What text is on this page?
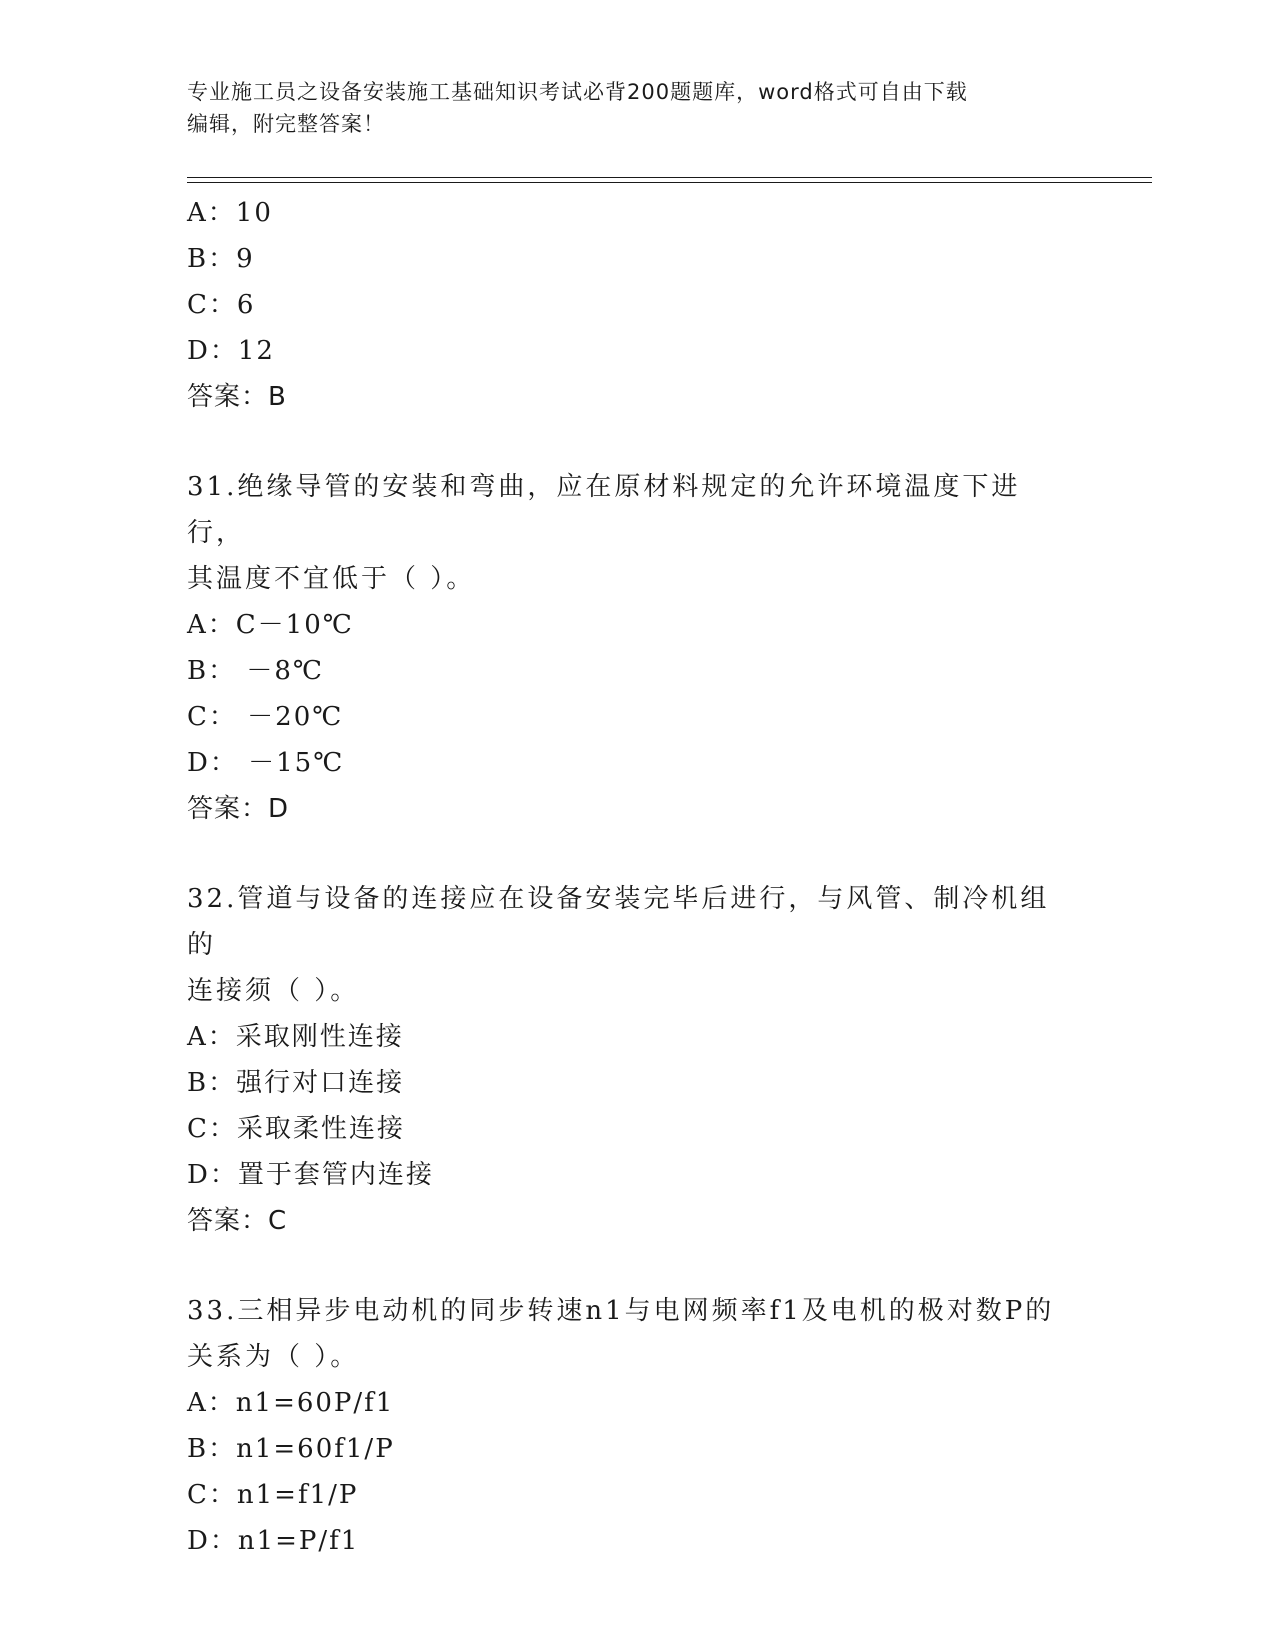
专业施工员之设备安装施工基础知识考试必背200题题库，word格式可自由下载
编辑，附完整答案！

A：10
B：9
C：6
D：12
答案：B
31.绝缘导管的安装和弯曲，应在原材料规定的允许环境温度下进行，
其温度不宜低于（ ）。
A：C－10℃
B： －8℃
C： －20℃
D： －15℃
答案：D
32.管道与设备的连接应在设备安装完毕后进行，与风管、制冷机组的
连接须（ ）。
A：采取刚性连接
B：强行对口连接
C：采取柔性连接
D：置于套管内连接
答案：C
33.三相异步电动机的同步转速n1与电网频率f1及电机的极对数P的
关系为（ ）。
A：n1=60P/f1
B：n1=60f1/P
C：n1=f1/P
D：n1=P/f1
